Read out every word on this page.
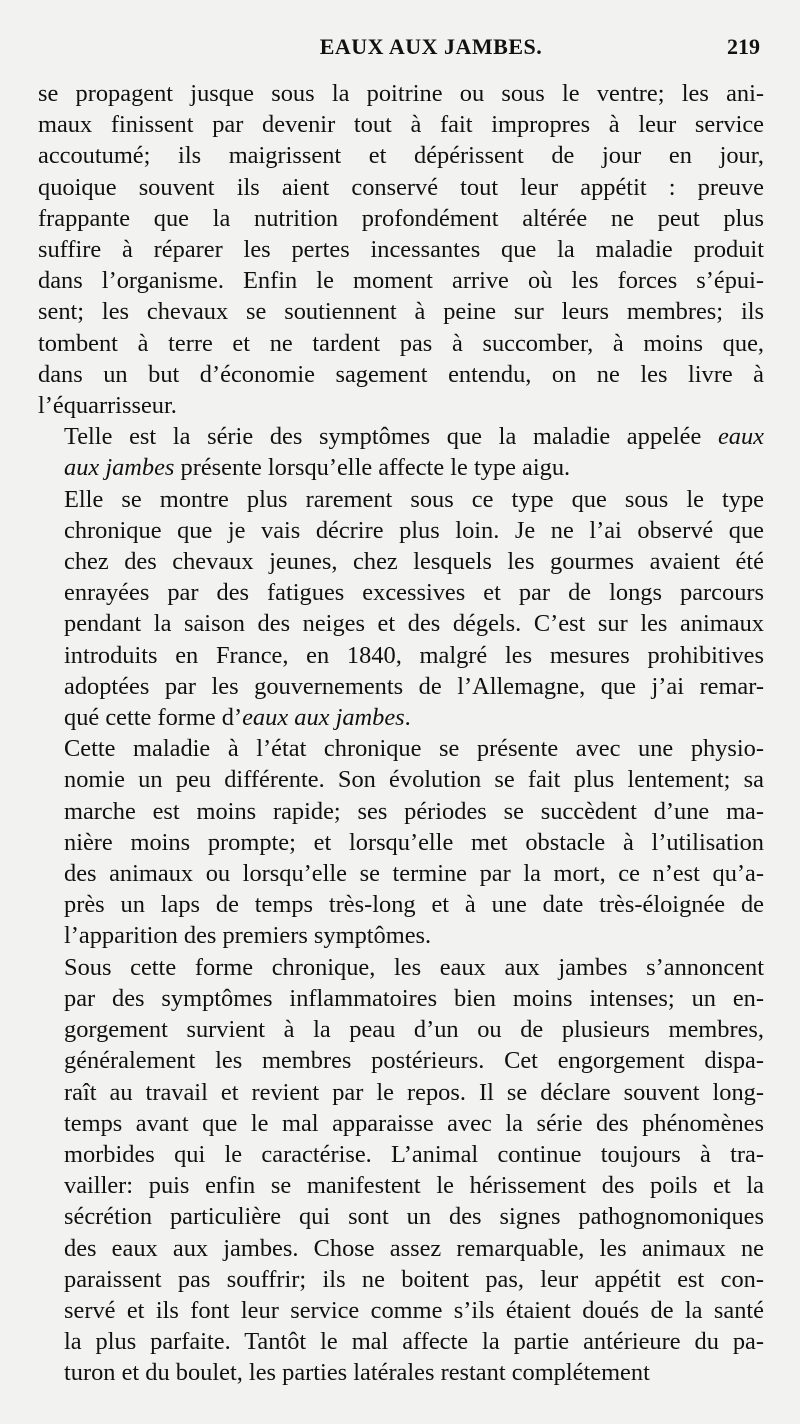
EAUX AUX JAMBES.	219

se propagent jusque sous la poitrine ou sous le ventre; les ani-
maux finissent par devenir tout à fait impropres à leur service
accoutumé; ils maigrissent et dépérissent de jour en jour,
quoique souvent ils aient conservé tout leur appétit : preuve
frappante que la nutrition profondément altérée ne peut plus
suffire à réparer les pertes incessantes que la maladie produit
dans l’organisme. Enfin le moment arrive où les forces s’épui-
sent; les chevaux se soutiennent à peine sur leurs membres; ils
tombent à terre et ne tardent pas à succomber, à moins que,
dans un but d’économie sagement entendu, on ne les livre à
l’équarrisseur.

Telle est la série des symptômes que la maladie appelée eaux
aux jambes présente lorsqu’elle affecte le type aigu.

Elle se montre plus rarement sous ce type que sous le type
chronique que je vais décrire plus loin. Je ne l’ai observé que
chez des chevaux jeunes, chez lesquels les gourmes avaient été
enrayées par des fatigues excessives et par de longs parcours
pendant la saison des neiges et des dégels. C’est sur les animaux
introduits en France, en 1840, malgré les mesures prohibitives
adoptées par les gouvernements de l’Allemagne, que j’ai remar-
qué cette forme d’eaux aux jambes.

Cette maladie à l’état chronique se présente avec une physio-
nomie un peu différente. Son évolution se fait plus lentement; sa
marche est moins rapide; ses périodes se succèdent d’une ma-
nière moins prompte; et lorsqu’elle met obstacle à l’utilisation
des animaux ou lorsqu’elle se termine par la mort, ce n’est qu’a-
près un laps de temps très-long et à une date très-éloignée de
l’apparition des premiers symptômes.

Sous cette forme chronique, les eaux aux jambes s’annoncent
par des symptômes inflammatoires bien moins intenses; un en-
gorgement survient à la peau d’un ou de plusieurs membres,
généralement les membres postérieurs. Cet engorgement dispa-
raît au travail et revient par le repos. Il se déclare souvent long-
temps avant que le mal apparaisse avec la série des phénomènes
morbides qui le caractérise. L’animal continue toujours à tra-
vailler: puis enfin se manifestent le hérissement des poils et la
sécrétion particulière qui sont un des signes pathognomoniques
des eaux aux jambes. Chose assez remarquable, les animaux ne
paraissent pas souffrir; ils ne boitent pas, leur appétit est con-
servé et ils font leur service comme s’ils étaient doués de la santé
la plus parfaite. Tantôt le mal affecte la partie antérieure du pa-
turon et du boulet, les parties latérales restant complétement
